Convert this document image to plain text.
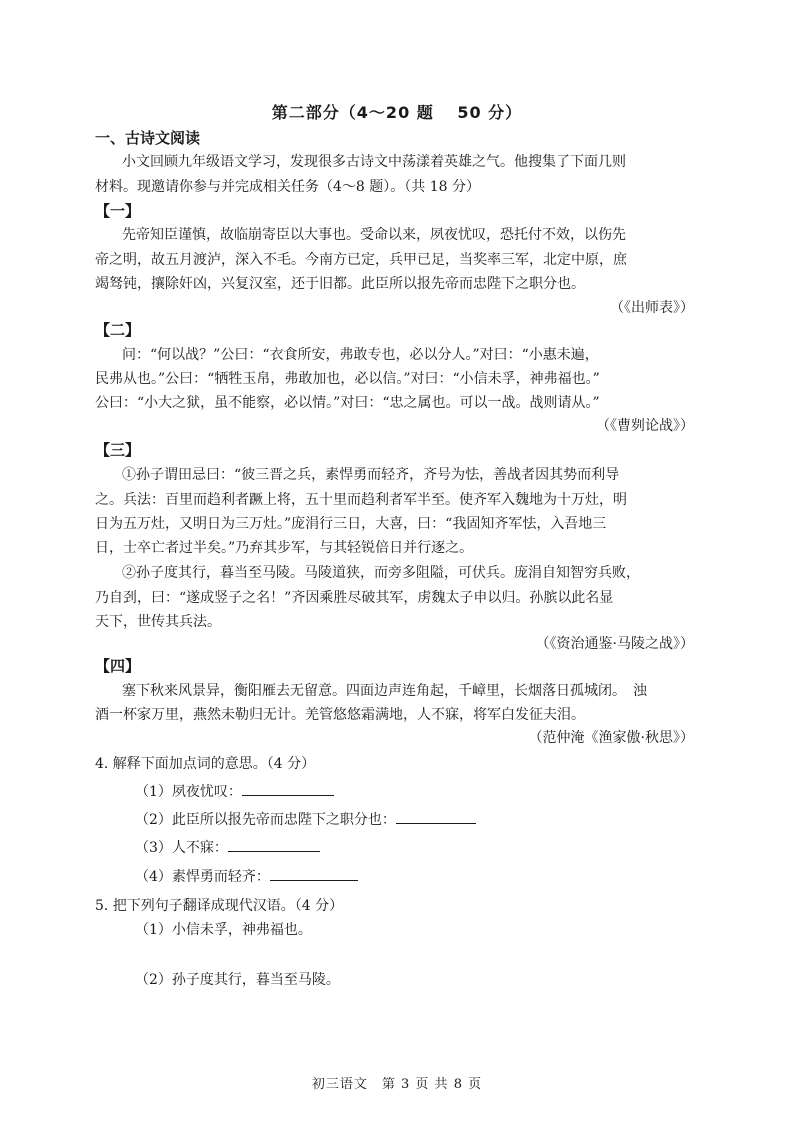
第二部分（4～20 题　 50 分）
一、古诗文阅读
小文回顾九年级语文学习，发现很多古诗文中荡漾着英雄之气。他搜集了下面几则
材料。现邀请你参与并完成相关任务（4～8 题）。（共 18 分）
【一】
先帝知臣谨慎，故临崩寄臣以大事也。受命以来，夙夜忧叹，恐托付不效，以伤先
帝之明，故五月渡泸，深入不毛。今南方已定，兵甲已足，当奖率三军，北定中原，庶
竭驽钝，攘除奸凶，兴复汉室，还于旧都。此臣所以报先帝而忠陛下之职分也。
（《出师表》）
【二】
问：“何以战？”公曰：“衣食所安，弗敢专也，必以分人。”对曰：“小惠未遍，
民弗从也。”公曰：“牺牲玉帛，弗敢加也，必以信。”对曰：“小信未孚，神弗福也。”
公曰：“小大之狱，虽不能察，必以情。”对曰：“忠之属也。可以一战。战则请从。”
（《曹刿论战》）
【三】
①孙子谓田忌曰：“彼三晋之兵，素悍勇而轻齐，齐号为怯，善战者因其势而利导
之。兵法：百里而趋利者蹶上将，五十里而趋利者军半至。使齐军入魏地为十万灶，明
日为五万灶，又明日为三万灶。”庞涓行三日，大喜，曰：“我固知齐军怯，入吾地三
日，士卒亡者过半矣。”乃弃其步军，与其轻锐倍日并行逐之。
②孙子度其行，暮当至马陵。马陵道狭，而旁多阻隘，可伏兵。庞涓自知智穷兵败，
乃自刭，曰：“遂成竖子之名！”齐因乘胜尽破其军，虏魏太子申以归。孙膑以此名显
天下，世传其兵法。
（《资治通鉴·马陵之战》）
【四】
塞下秋来风景异，衡阳雁去无留意。四面边声连角起，千嶂里，长烟落日孤城闭。　浊
酒一杯家万里，燕然未勒归无计。羌管悠悠霜满地，人不寐，将军白发征夫泪。
（范仲淹《渔家傲·秋思》）
4. 解释下面加点词的意思。（4 分）
（1）夙夜忧叹：
（2）此臣所以报先帝而忠陛下之职分也：
（3）人不寐：
（4）素悍勇而轻齐：
5. 把下列句子翻译成现代汉语。（4 分）
（1）小信未孚，神弗福也。
（2）孙子度其行，暮当至马陵。
初三语文　第 3 页 共 8 页
